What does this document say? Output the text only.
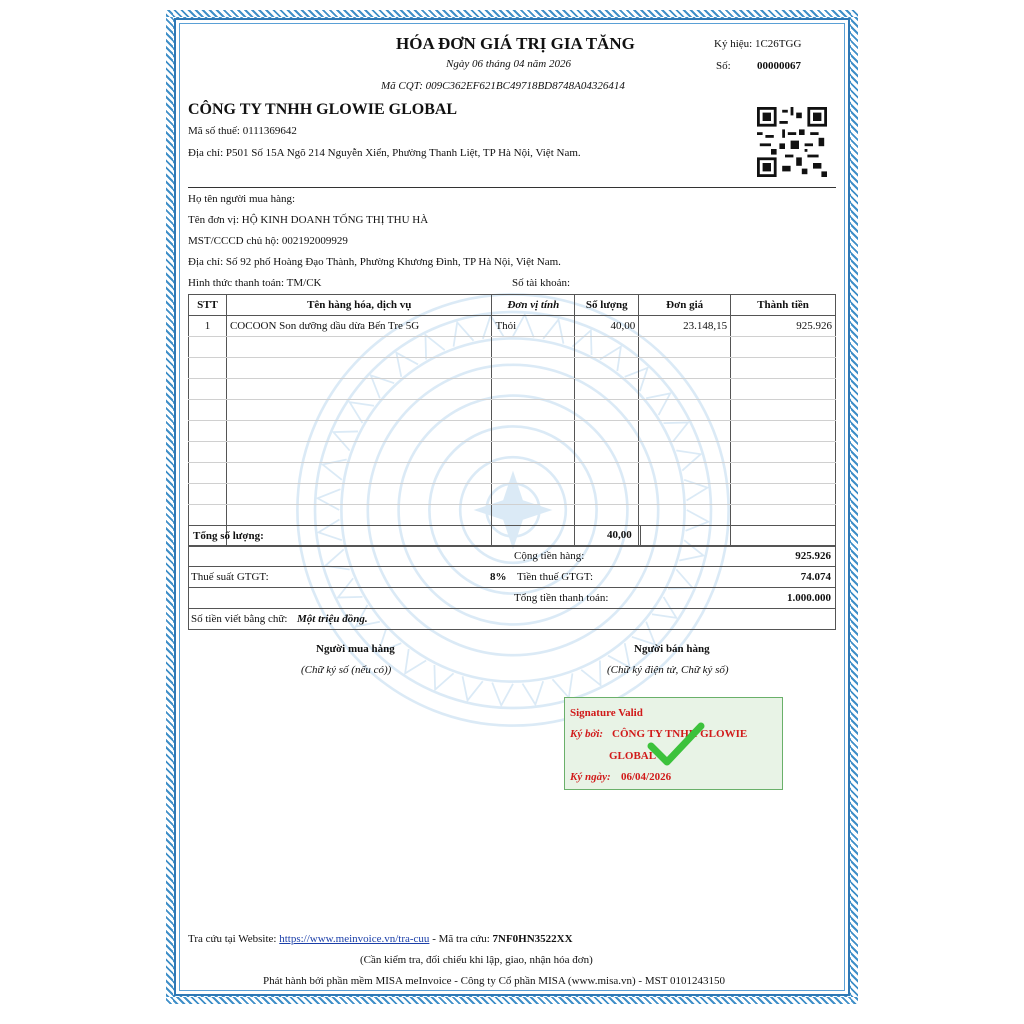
HÓA ĐƠN GIÁ TRỊ GIA TĂNG
Ngày 06 tháng 04 năm 2026
Mã CQT: 009C362EF621BC49718BD8748A04326414
Ký hiệu: 1C26TGG
Số: 00000067
CÔNG TY TNHH GLOWIE GLOBAL
Mã số thuế: 0111369642
Địa chỉ: P501 Số 15A Ngõ 214 Nguyễn Xiển, Phường Thanh Liệt, TP Hà Nội, Việt Nam.
Họ tên người mua hàng:
Tên đơn vị: HỘ KINH DOANH TỐNG THỊ THU HÀ
MST/CCCD chủ hộ: 002192009929
Địa chỉ: Số 92 phố Hoàng Đạo Thành, Phường Khương Đình, TP Hà Nội, Việt Nam.
Hình thức thanh toán: TM/CK	Số tài khoản:
STT	Tên hàng hóa, dịch vụ	Đơn vị tính	Số lượng	Đơn giá	Thành tiền
1	COCOON Son dưỡng dầu dừa Bến Tre 5G	Thỏi	40,00	23.148,15	925.926

Tổng số lượng:	40,00
Cộng tiền hàng:	925.926
Thuế suất GTGT:	8% Tiền thuế GTGT:	74.074
Tổng tiền thanh toán:	1.000.000
Số tiền viết bằng chữ: Một triệu đồng.
Người mua hàng
(Chữ ký số (nếu có))
Người bán hàng
(Chữ ký điện tử, Chữ ký số)
Signature Valid
Ký bởi: CÔNG TY TNHH GLOWIE
GLOBAL
Ký ngày: 06/04/2026
Tra cứu tại Website: https://www.meinvoice.vn/tra-cuu - Mã tra cứu: 7NF0HN3522XX
(Cần kiểm tra, đối chiếu khi lập, giao, nhận hóa đơn)
Phát hành bởi phần mềm MISA meInvoice - Công ty Cổ phần MISA (www.misa.vn) - MST 0101243150
